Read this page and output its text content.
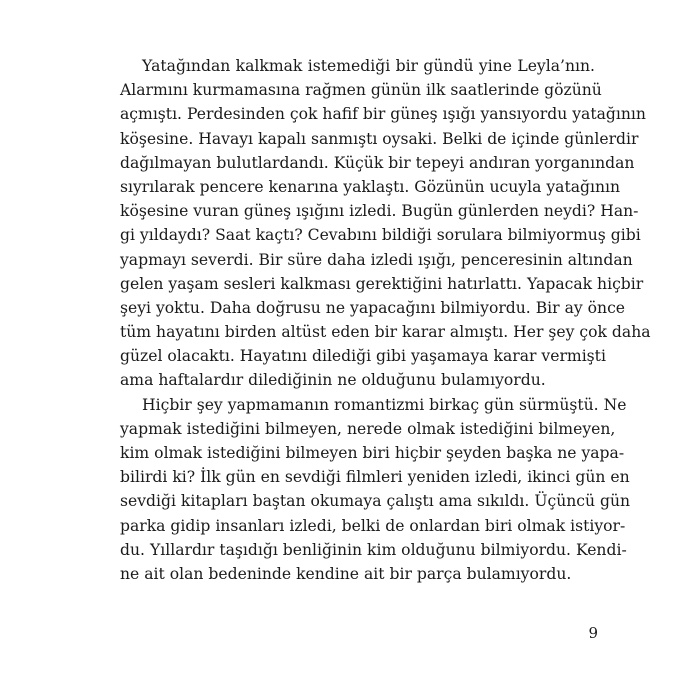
Yatağından kalkmak istemediği bir gündü yine Leyla’nın.
Alarmını kurmamasına rağmen günün ilk saatlerinde gözünü
açmıştı. Perdesinden çok hafif bir güneş ışığı yansıyordu yatağının
köşesine. Havayı kapalı sanmıştı oysaki. Belki de içinde günlerdir
dağılmayan bulutlardandı. Küçük bir tepeyi andıran yorganından
sıyrılarak pencere kenarına yaklaştı. Gözünün ucuyla yatağının
köşesine vuran güneş ışığını izledi. Bugün günlerden neydi? Han-
gi yıldaydı? Saat kaçtı? Cevabını bildiği sorulara bilmiyormuş gibi
yapmayı severdi. Bir süre daha izledi ışığı, penceresinin altından
gelen yaşam sesleri kalkması gerektiğini hatırlattı. Yapacak hiçbir
şeyi yoktu. Daha doğrusu ne yapacağını bilmiyordu. Bir ay önce
tüm hayatını birden altüst eden bir karar almıştı. Her şey çok daha
güzel olacaktı. Hayatını dilediği gibi yaşamaya karar vermişti
ama haftalardır dilediğinin ne olduğunu bulamıyordu.
Hiçbir şey yapmamanın romantizmi birkaç gün sürmüştü. Ne
yapmak istediğini bilmeyen, nerede olmak istediğini bilmeyen,
kim olmak istediğini bilmeyen biri hiçbir şeyden başka ne yapa-
bilirdi ki? İlk gün en sevdiği filmleri yeniden izledi, ikinci gün en
sevdiği kitapları baştan okumaya çalıştı ama sıkıldı. Üçüncü gün
parka gidip insanları izledi, belki de onlardan biri olmak istiyor-
du. Yıllardır taşıdığı benliğinin kim olduğunu bilmiyordu. Kendi-
ne ait olan bedeninde kendine ait bir parça bulamıyordu.
9
